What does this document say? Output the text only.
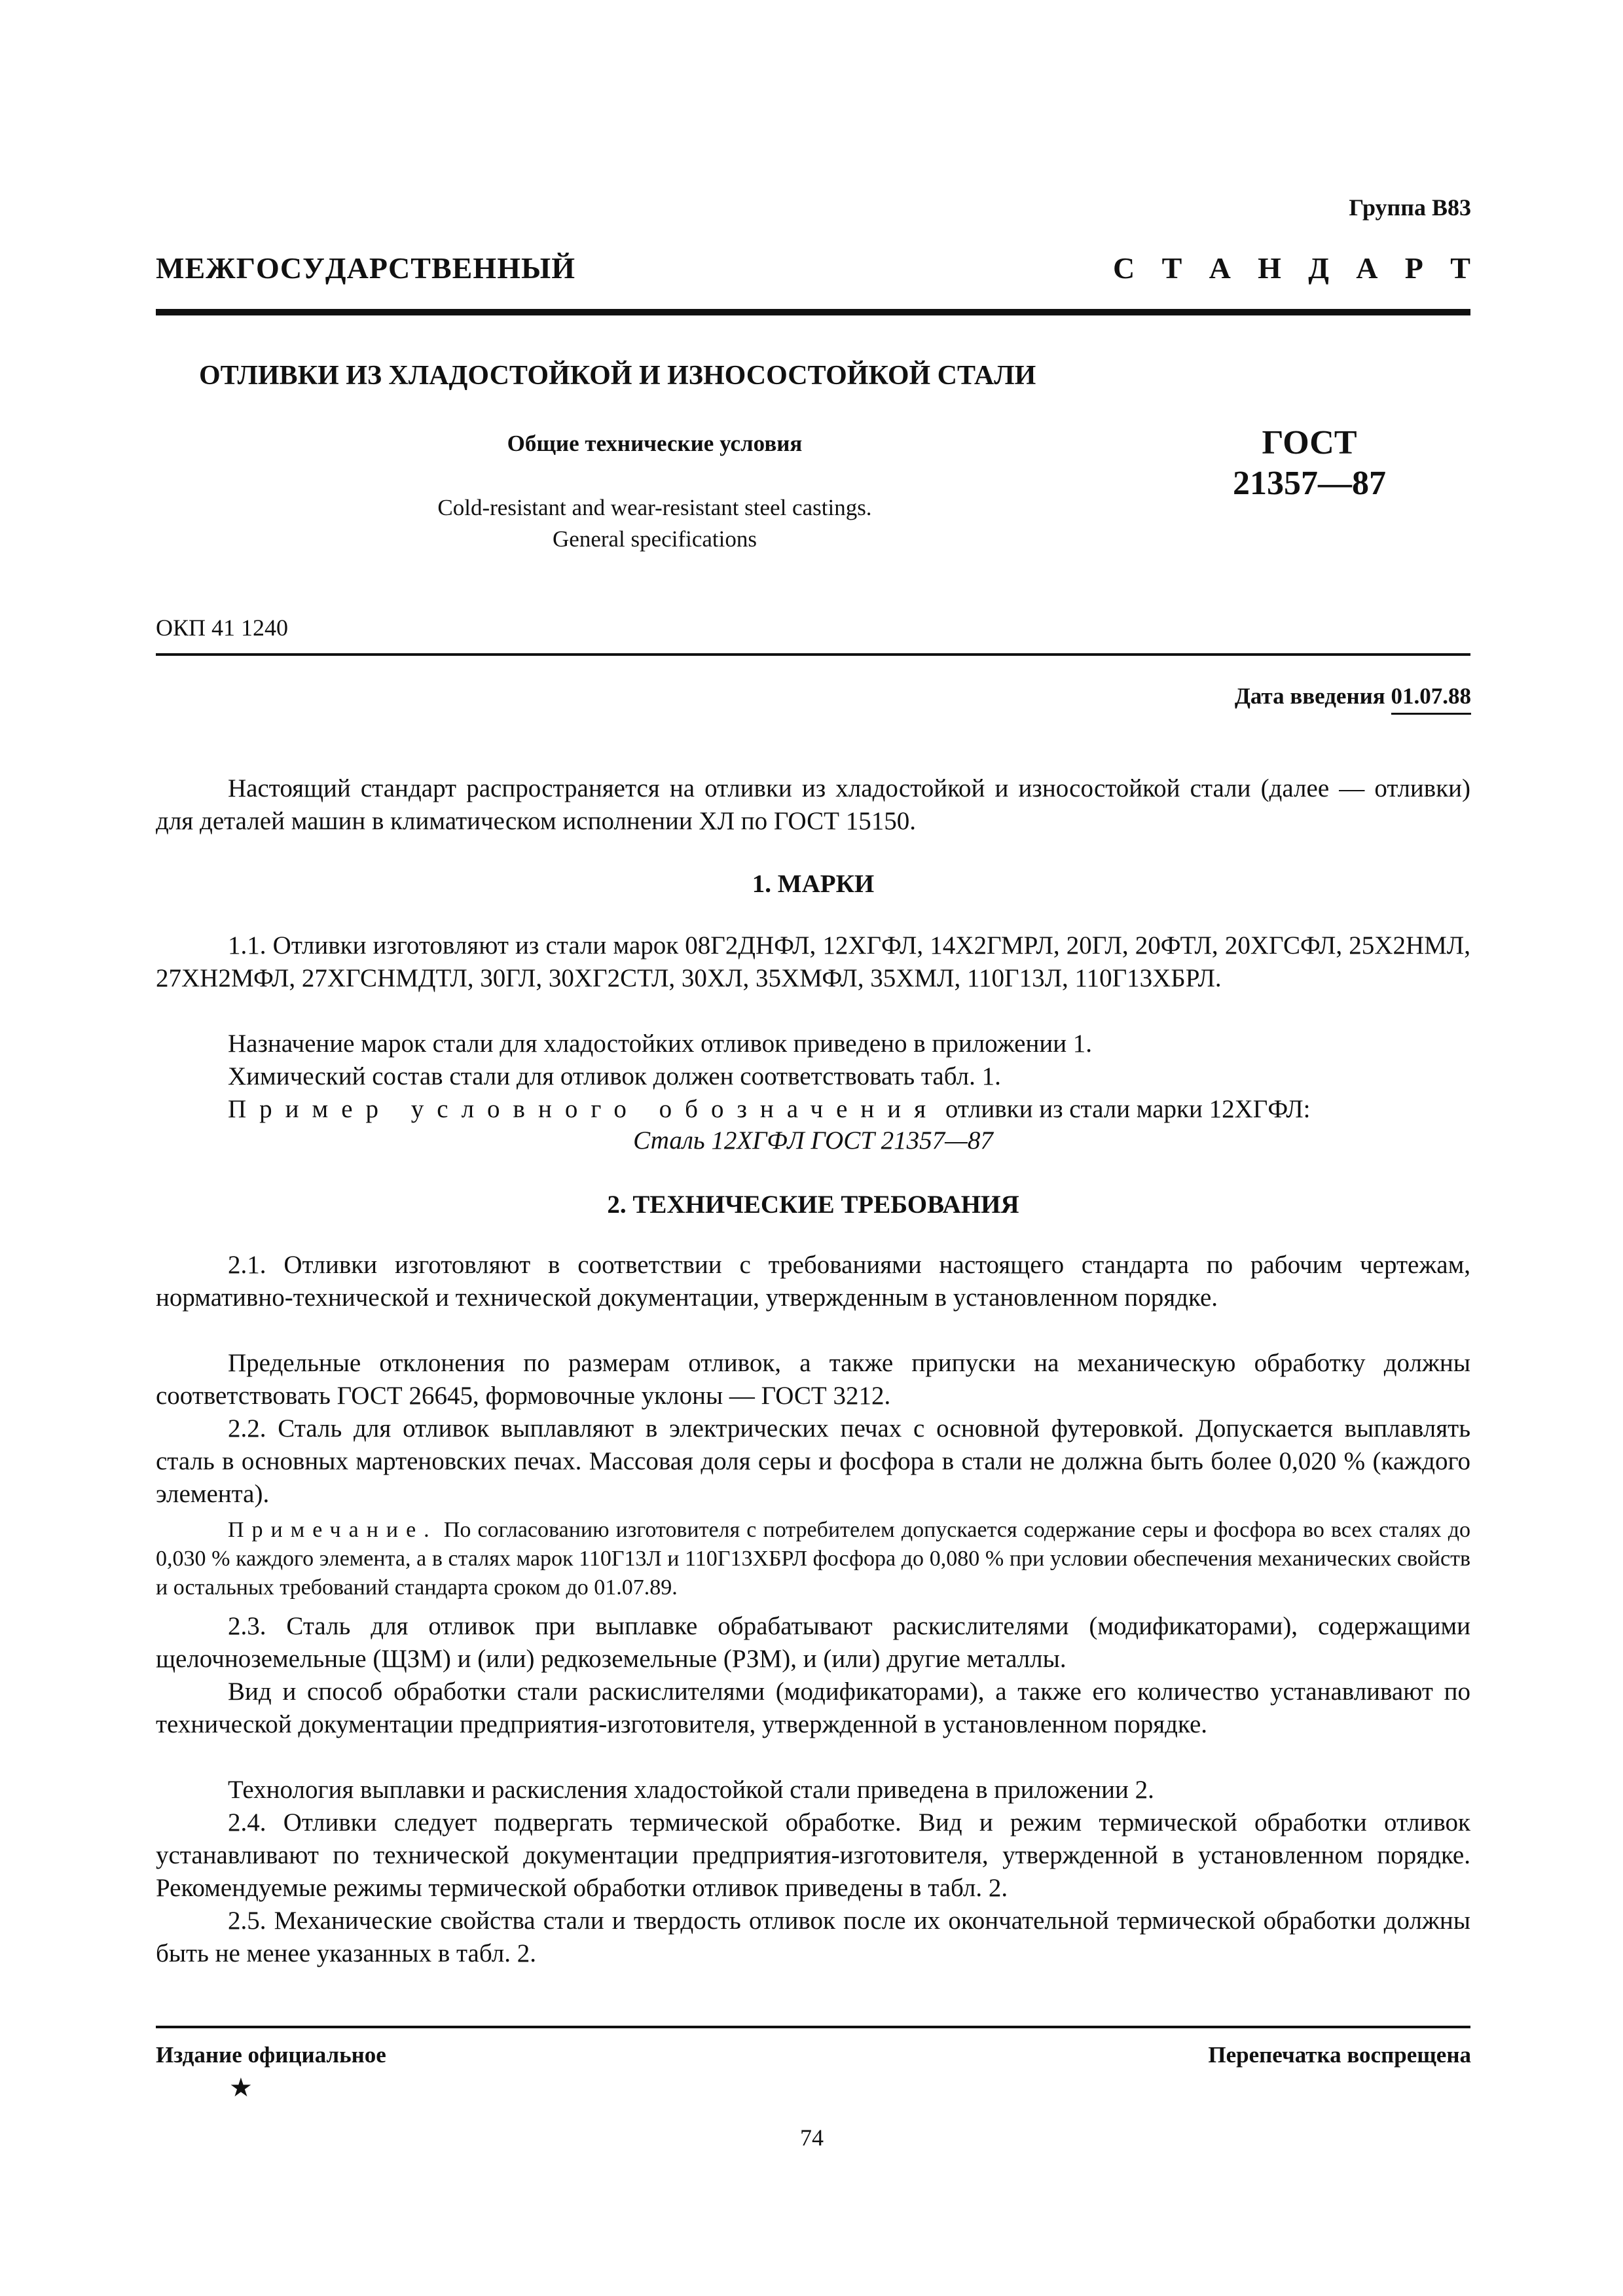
Группа В83
М Е Ж Г О С У Д А Р С Т В Е Н Н Ы Й	С Т А Н Д А Р Т
ОТЛИВКИ ИЗ ХЛАДОСТОЙКОЙ И ИЗНОСОСТОЙКОЙ СТАЛИ
Общие технические условия
Cold-resistant and wear-resistant steel castings.
General specifications
ГОСТ
21357—87
ОКП 41 1240
Дата введения 01.07.88

Настоящий стандарт распространяется на отливки из хладостойкой и износостойкой стали (далее — отливки) для деталей машин в климатическом исполнении ХЛ по ГОСТ 15150.

1. МАРКИ

1.1. Отливки изготовляют из стали марок 08Г2ДНФЛ, 12ХГФЛ, 14Х2ГМРЛ, 20ГЛ, 20ФТЛ, 20ХГСФЛ, 25Х2НМЛ, 27ХН2МФЛ, 27ХГСНМДТЛ, 30ГЛ, 30ХГ2СТЛ, 30ХЛ, 35ХМФЛ, 35ХМЛ, 110Г13Л, 110Г13ХБРЛ.

Назначение марок стали для хладостойких отливок приведено в приложении 1.

Химический состав стали для отливок должен соответствовать табл. 1.

Пример условного обозначения отливки из стали марки 12ХГФЛ:

Сталь 12ХГФЛ ГОСТ 21357—87
2. ТЕХНИЧЕСКИЕ ТРЕБОВАНИЯ

2.1. Отливки изготовляют в соответствии с требованиями настоящего стандарта по рабочим чертежам, нормативно-технической и технической документации, утвержденным в установленном порядке.

Предельные отклонения по размерам отливок, а также припуски на механическую обработку должны соответствовать ГОСТ 26645, формовочные уклоны — ГОСТ 3212.

2.2. Сталь для отливок выплавляют в электрических печах с основной футеровкой. Допускается выплавлять сталь в основных мартеновских печах. Массовая доля серы и фосфора в стали не должна быть более 0,020 % (каждого элемента).

Примечание. По согласованию изготовителя с потребителем допускается содержание серы и фосфора во всех сталях до 0,030 % каждого элемента, а в сталях марок 110Г13Л и 110Г13ХБРЛ фосфора до 0,080 % при условии обеспечения механических свойств и остальных требований стандарта сроком до 01.07.89.

2.3. Сталь для отливок при выплавке обрабатывают раскислителями (модификаторами), содержащими щелочноземельные (ЩЗМ) и (или) редкоземельные (РЗМ), и (или) другие металлы.

Вид и способ обработки стали раскислителями (модификаторами), а также его количество устанавливают по технической документации предприятия-изготовителя, утвержденной в установленном порядке.

Технология выплавки и раскисления хладостойкой стали приведена в приложении 2.

2.4. Отливки следует подвергать термической обработке. Вид и режим термической обработки отливок устанавливают по технической документации предприятия-изготовителя, утвержденной в установленном порядке. Рекомендуемые режимы термической обработки отливок приведены в табл. 2.

2.5. Механические свойства стали и твердость отливок после их окончательной термической обработки должны быть не менее указанных в табл. 2.

Издание официальное	Перепечатка воспрещена
★
74
